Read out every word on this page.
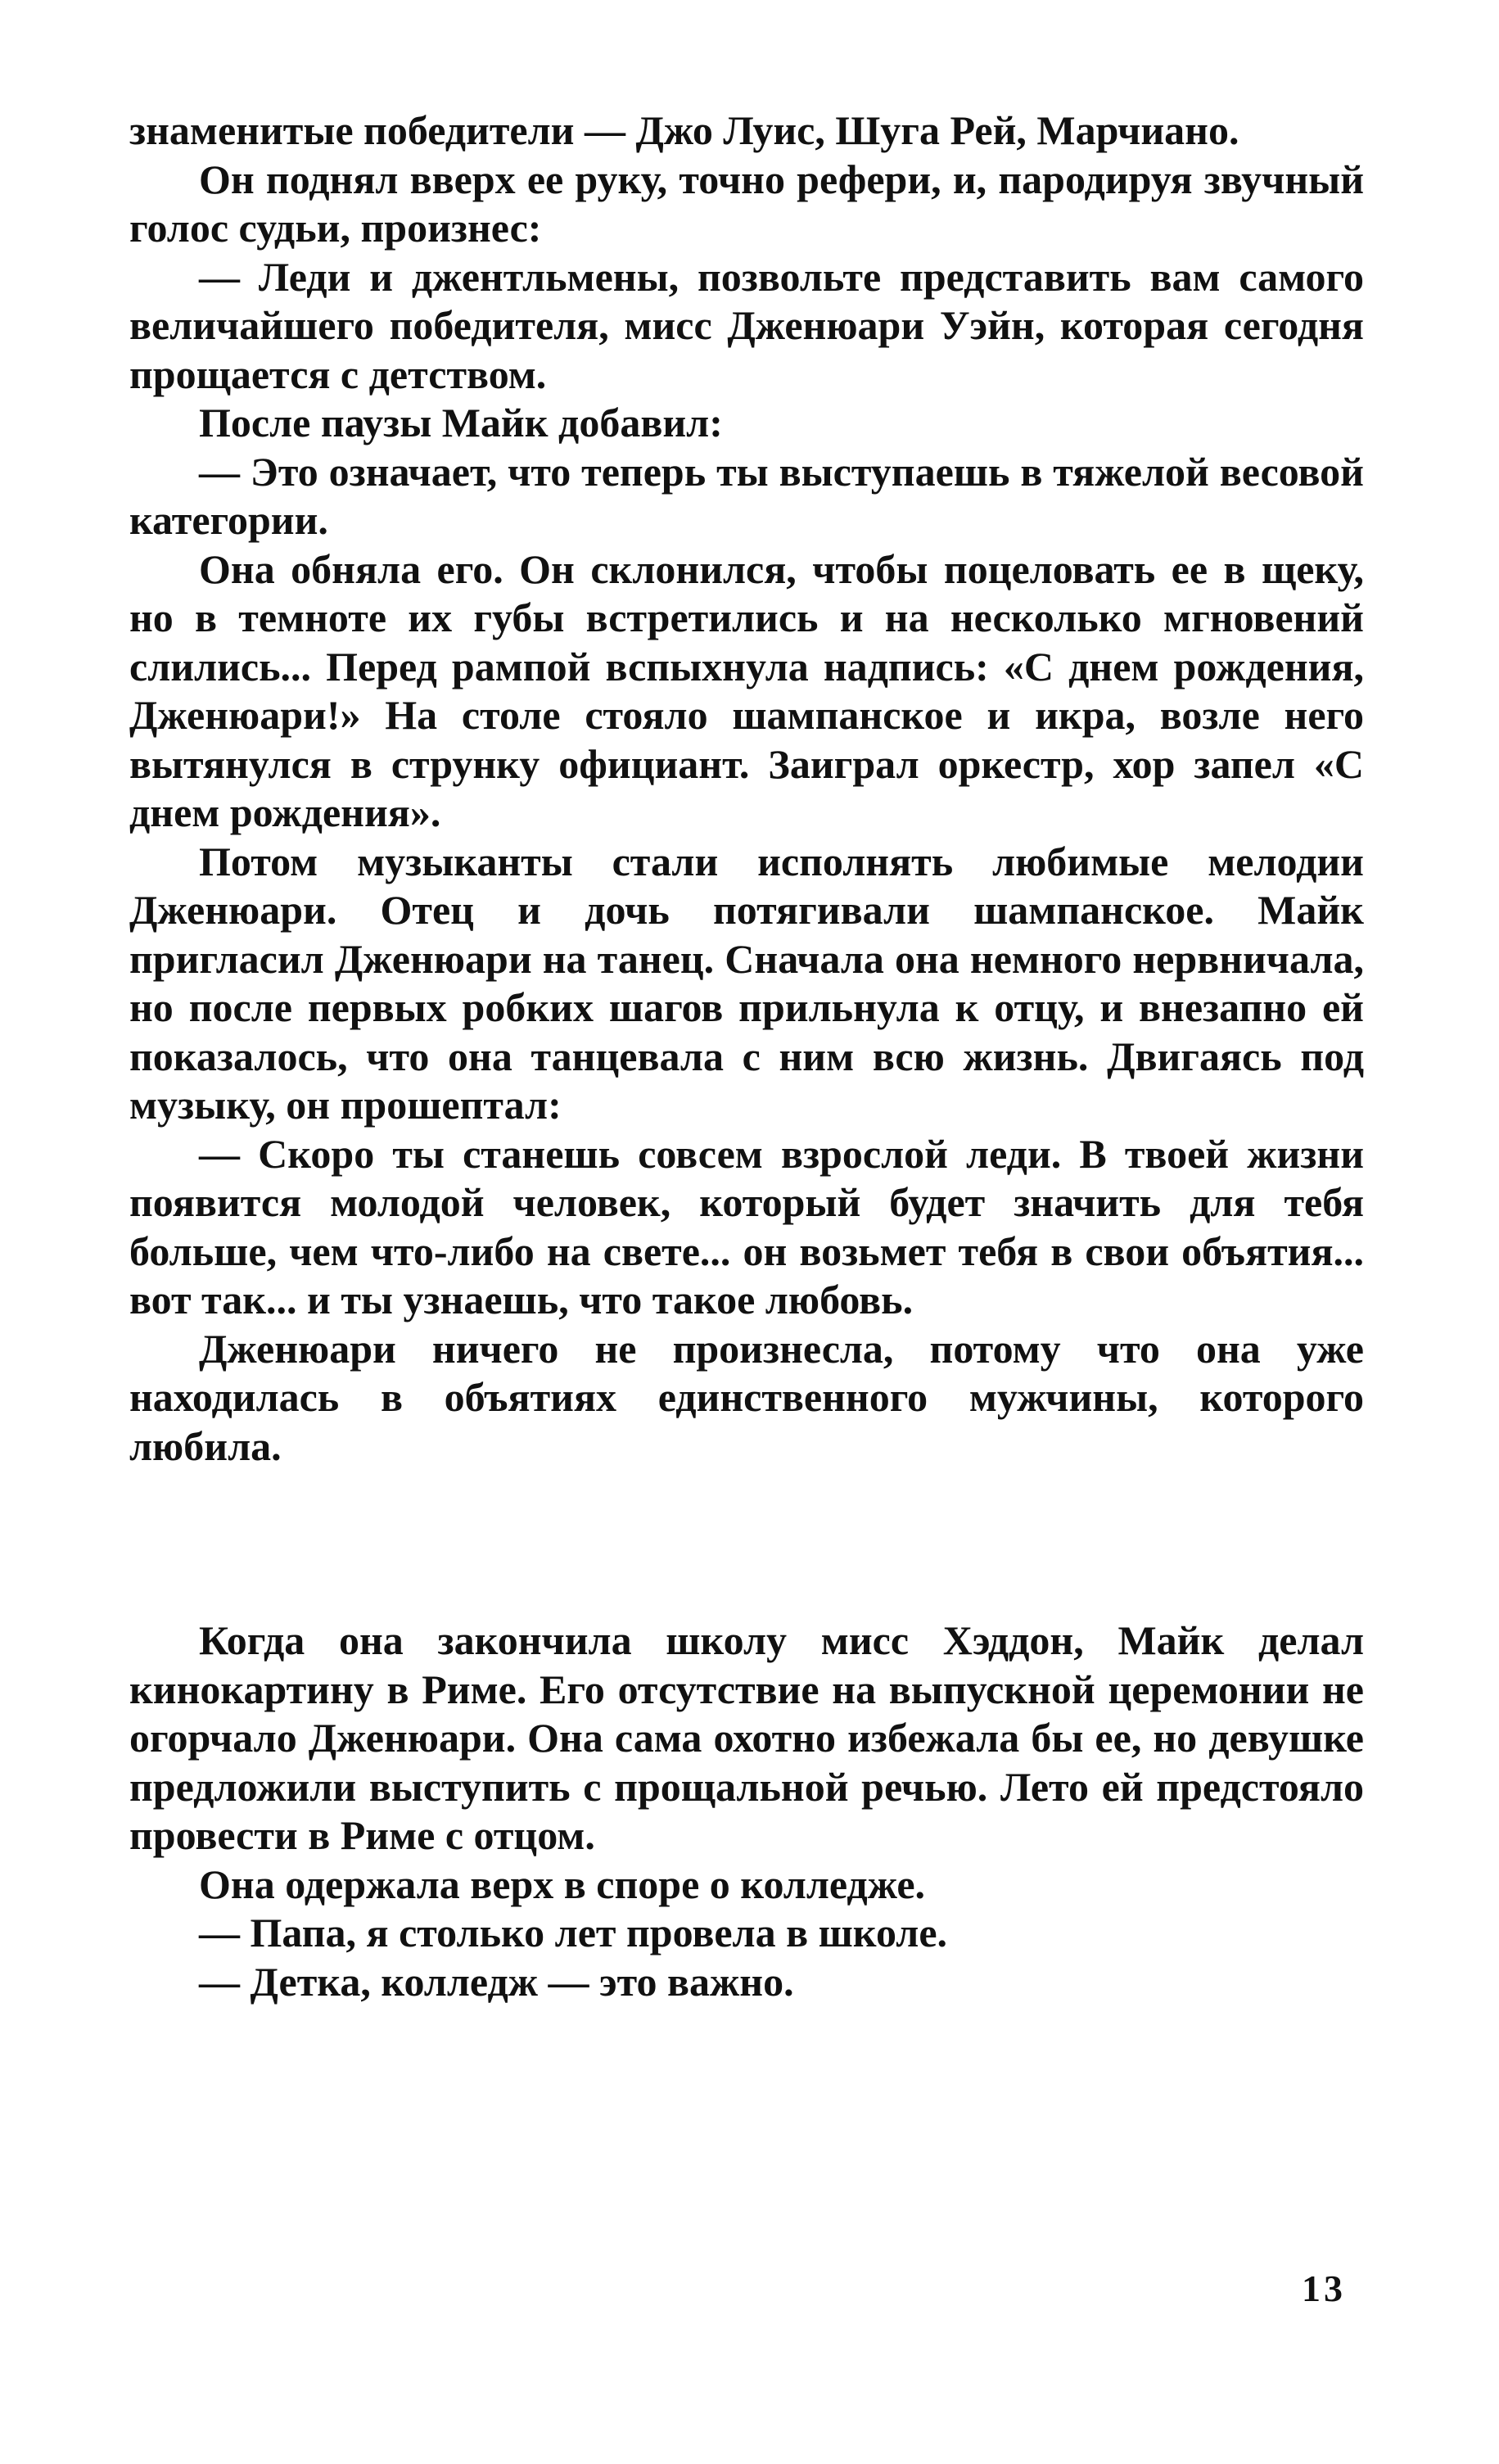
знаменитые победители — Джо Луис, Шуга Рей, Марчиано.

Он поднял вверх ее руку, точно рефери, и, пародируя звучный голос судьи, произнес:

— Леди и джентльмены, позвольте представить вам самого величайшего победителя, мисс Дженюари Уэйн, которая сегодня прощается с детством.

После паузы Майк добавил:

— Это означает, что теперь ты выступаешь в тяжелой весовой категории.

Она обняла его. Он склонился, чтобы поцеловать ее в щеку, но в темноте их губы встретились и на несколько мгновений слились... Перед рампой вспыхнула надпись: «С днем рождения, Дженюари!» На столе стояло шампанское и икра, возле него вытянулся в струнку официант. Заиграл оркестр, хор запел «С днем рождения».

Потом музыканты стали исполнять любимые мелодии Дженюари. Отец и дочь потягивали шампанское. Майк пригласил Дженюари на танец. Сначала она немного нервничала, но после первых робких шагов прильнула к отцу, и внезапно ей показалось, что она танцевала с ним всю жизнь. Двигаясь под музыку, он прошептал:

— Скоро ты станешь совсем взрослой леди. В твоей жизни появится молодой человек, который будет значить для тебя больше, чем что-либо на свете... он возьмет тебя в свои объятия... вот так... и ты узнаешь, что такое любовь.

Дженюари ничего не произнесла, потому что она уже находилась в объятиях единственного мужчины, которого любила.

Когда она закончила школу мисс Хэддон, Майк делал кинокартину в Риме. Его отсутствие на выпускной церемонии не огорчало Дженюари. Она сама охотно избежала бы ее, но девушке предложили выступить с прощальной речью. Лето ей предстояло провести в Риме с отцом.

Она одержала верх в споре о колледже.

— Папа, я столько лет провела в школе.

— Детка, колледж — это важно.

13
